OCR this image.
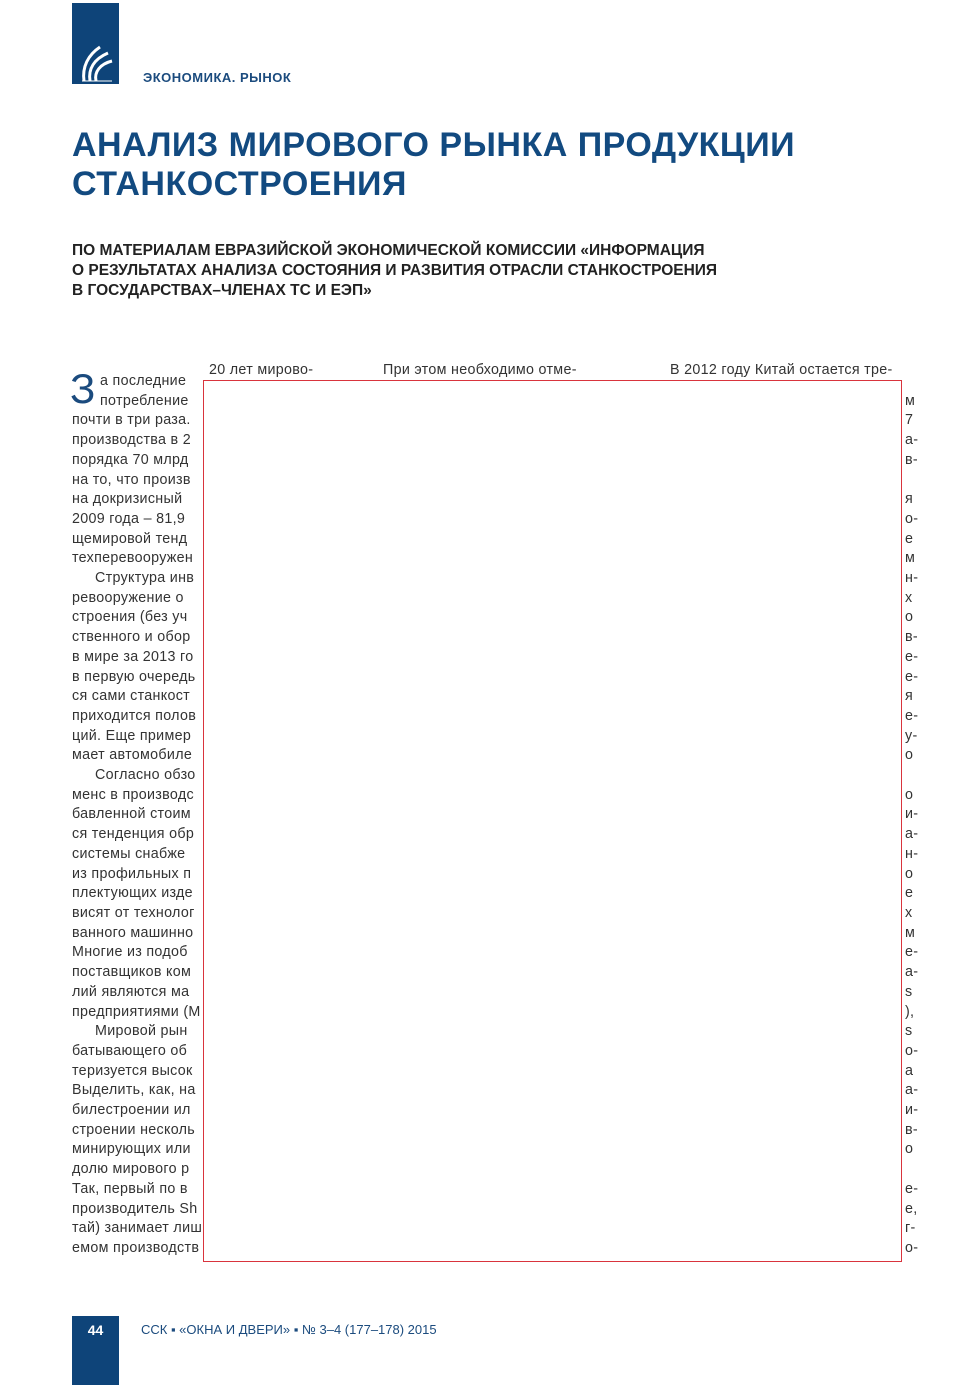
ЭКОНОМИКА. РЫНОК
АНАЛИЗ МИРОВОГО РЫНКА ПРОДУКЦИИ
СТАНКОСТРОЕНИЯ
ПО МАТЕРИАЛАМ ЕВРАЗИЙСКОЙ ЭКОНОМИЧЕСКОЙ КОМИССИИ «ИНФОРМАЦИЯ
О РЕЗУЛЬТАТАХ АНАЛИЗА СОСТОЯНИЯ И РАЗВИТИЯ ОТРАСЛИ СТАНКОСТРОЕНИЯ
В ГОСУДАРСТВАХ–ЧЛЕНАХ ТС И ЕЭП»
З а последние
потребление
почти в три раза.
производства в 2
порядка 70 млрд
на то, что произв
на докризисный
2009 года – 81,9
щемировой тенд
техперевооружен
Структура инв
ревооружение о
строения (без уч
ственного и обор
в мире за 2013 го
в первую очередь
ся сами станкост
приходится полов
ций. Еще пример
мает автомобиле
Согласно обзо
менс в производс
бавленной стоим
ся тенденция обр
системы снабже
из профильных п
плектующих изде
висят от технолог
ванного машинно
Многие из подоб
поставщиков ком
лий являются ма
предприятиями (М
Мировой рын
батывающего об
теризуется высок
Выделить, как, на
билестроении ил
строении несколь
минирующих или
долю мирового р
Так, первый по в
производитель Sh
тай) занимает лиш
емом производств
20 лет мирово-	При этом необходимо отме-	В 2012 году Китай остается тре-

м
7
а-
в-

я
о-
е
м
н-
х
о
в-
е-
е-
я
е-
у-
о

о
и-
а-
н-
о
е
х
м
е-
а-
s
),
s
о-
а
а-
и-
в-
о

е-
е,
г-
о-
44	ССК ▪ «ОКНА И ДВЕРИ» ▪ № 3–4 (177–178) 2015
